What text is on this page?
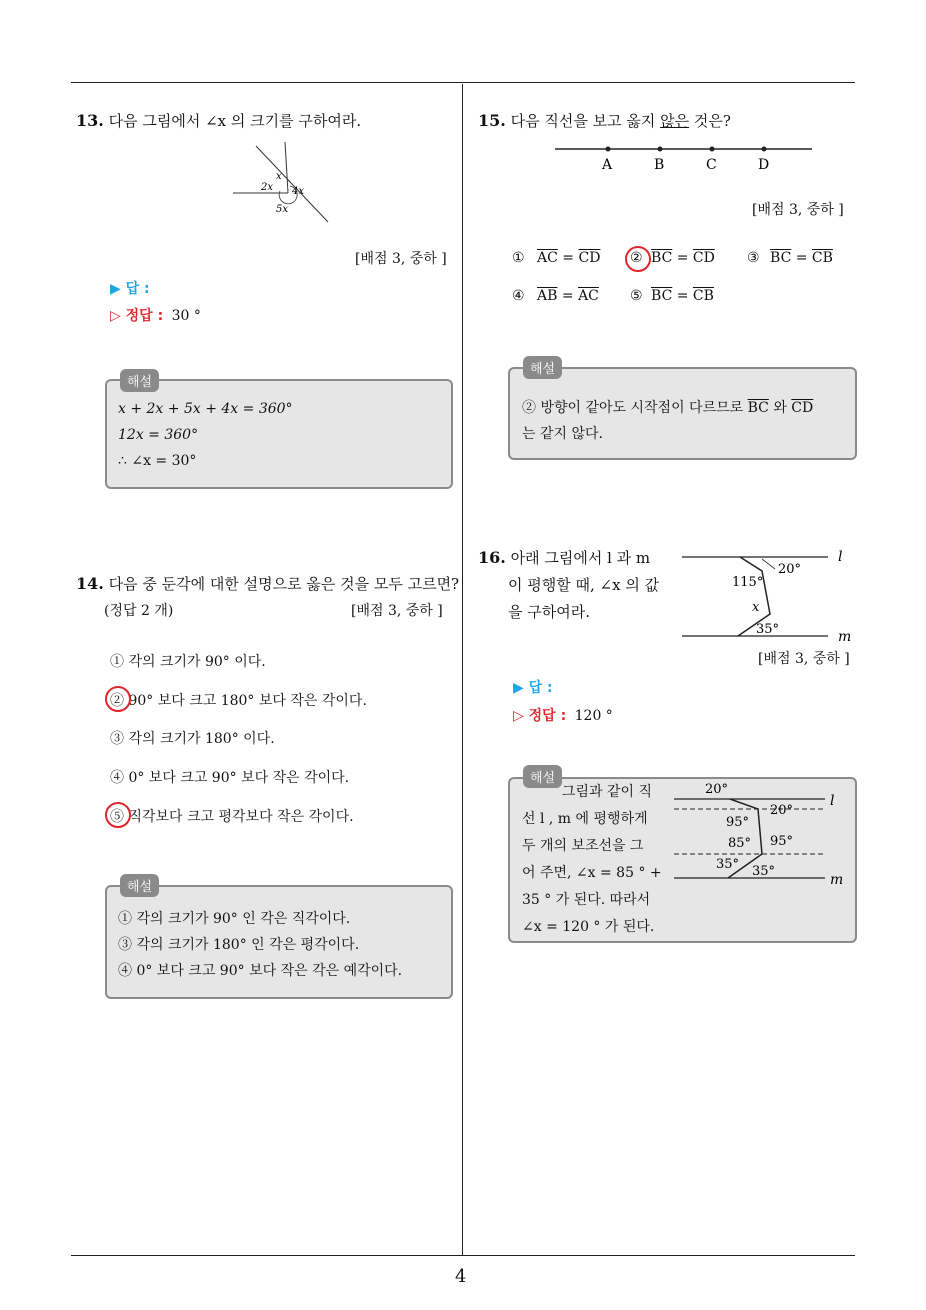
4
13. 다음 그림에서 ∠x 의 크기를 구하여라.
x
2x 4x
5x
[배점 3, 중하 ]
▶ 답 :
▷ 정답 : 30 °
x + 2x + 5x + 4x = 360°
12x = 360°
∴ ∠x = 30°
해설
14. 다음 중 둔각에 대한 설명으로 옳은 것을 모두 고르면?
(정답 2 개)	[배점 3, 중하 ]
① 각의 크기가 90° 이다.
② 90° 보다 크고 180° 보다 작은 각이다.
③ 각의 크기가 180° 이다.
④ 0° 보다 크고 90° 보다 작은 각이다.
⑤ 직각보다 크고 평각보다 작은 각이다.
① 각의 크기가 90° 인 각은 직각이다.
③ 각의 크기가 180° 인 각은 평각이다.
④ 0° 보다 크고 90° 보다 작은 각은 예각이다.
해설
15. 다음 직선을 보고 옳지 않은 것은?
A	B	C	D
[배점 3, 중하 ]
① $\overline{AC} = \overline{CD}$ ② $\overline{BC} = \overline{CD}$ ③ $\overline{BC} = \overline{CB}$
④ $\overline{AB} = \overline{AC}$ ⑤ $\overline{BC} = \overline{CB}$
② 방향이 같아도 시작점이 다르므로 $\overline{BC}$ 와 $\overline{CD}$
는 같지 않다.
해설
16. 아래 그림에서 l 과 m
이 평행할 때, ∠x 의 값
을 구하여라.
20°
115°
x
35°
l
m
[배점 3, 중하 ]
▶ 답 :
▷ 정답 : 120 °
그림과 같이 직
선 l , m 에 평행하게
두 개의 보조선을 그
어 주면, ∠x = 85 ° +
35 ° 가 된다. 따라서
∠x = 120 ° 가 된다.
20°
20°
95°
85° 95°
35° 35°
l
m
해설
